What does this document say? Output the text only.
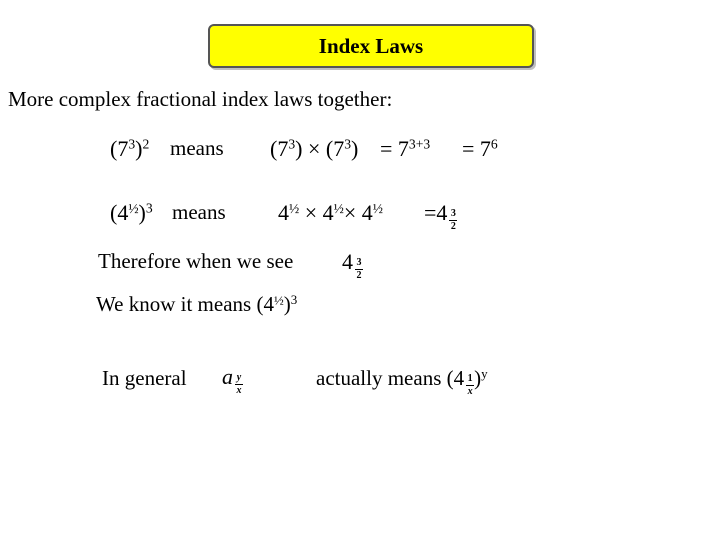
Index Laws
More complex fractional index laws together:
$(7^3)^2$ means $(7^3) \times (7^3) = 7^{3+3} = 7^6$
$(4^{\frac{1}{2}})^3$ means $4^{\frac{1}{2}} \times 4^{\frac{1}{2}}\times 4^{\frac{1}{2}} =4 \frac{3}{2}$
Therefore when we see $4 \frac{3}{2}$
We know it means $(4^{\frac{1}{2}})^3$
In general a $\frac{y}{x}$	actually means $(4 \frac{1}{x} )^y$
